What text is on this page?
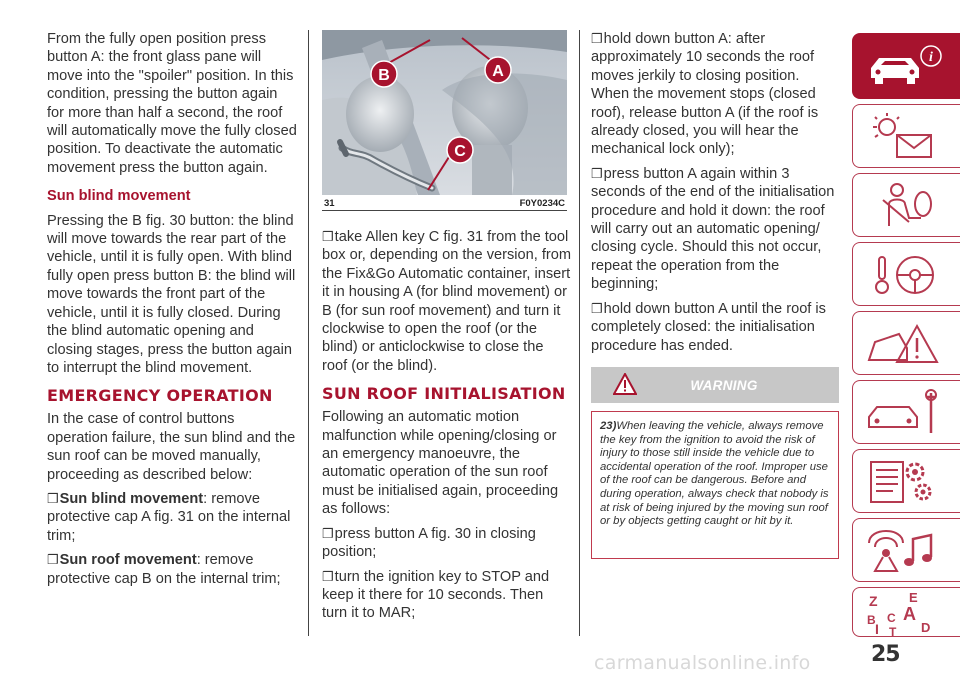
From the fully open position press button A: the front glass pane will move into the "spoiler" position. In this condition, pressing the button again for more than half a second, the roof will automatically move the fully closed position. To deactivate the automatic movement press the button again.

Sun blind movement

Pressing the B fig. 30 button: the blind will move towards the rear part of the vehicle, until it is fully open. With blind fully open press button B: the blind will move towards the front part of the vehicle, until it is fully closed. During the blind automatic opening and closing stages, press the button again to interrupt the blind movement.

EMERGENCY OPERATION

In the case of control buttons operation failure, the sun blind and the sun roof can be moved manually, proceeding as described below:

❒Sun blind movement: remove protective cap A fig. 31 on the internal trim;

❒Sun roof movement: remove protective cap B on the internal trim;

B	A
C
31	F0Y0234C

❒take Allen key C fig. 31 from the tool box or, depending on the version, from the Fix&Go Automatic container, insert it in housing A (for blind movement) or B (for sun roof movement) and turn it clockwise to open the roof (or the blind) or anticlockwise to close the roof (or the blind).

SUN ROOF INITIALISATION

Following an automatic motion malfunction while opening/closing or an emergency manoeuvre, the automatic operation of the sun roof must be initialised again, proceeding as follows:

❒press button A fig. 30 in closing position;

❒turn the ignition key to STOP and keep it there for 10 seconds. Then turn it to MAR;

❒hold down button A: after approximately 10 seconds the roof moves jerkily to closing position. When the movement stops (closed roof), release button A (if the roof is already closed, you will hear the mechanical lock only);

❒press button A again within 3 seconds of the end of the initialisation procedure and hold it down: the roof will carry out an automatic opening/ closing cycle. Should this not occur, repeat the operation from the beginning;

❒hold down button A until the roof is completely closed: the initialisation procedure has ended.

WARNING
23)When leaving the vehicle, always remove the key from the ignition to avoid the risk of injury to those still inside the vehicle due to accidental operation of the roof. Improper use of the roof can be dangerous. Before and during operation, always check that nobody is at risk of being injured by the moving sun roof or by objects getting caught or hit by it.
i
Z E
B A
C
I T D
25
carmanualsonline.info
